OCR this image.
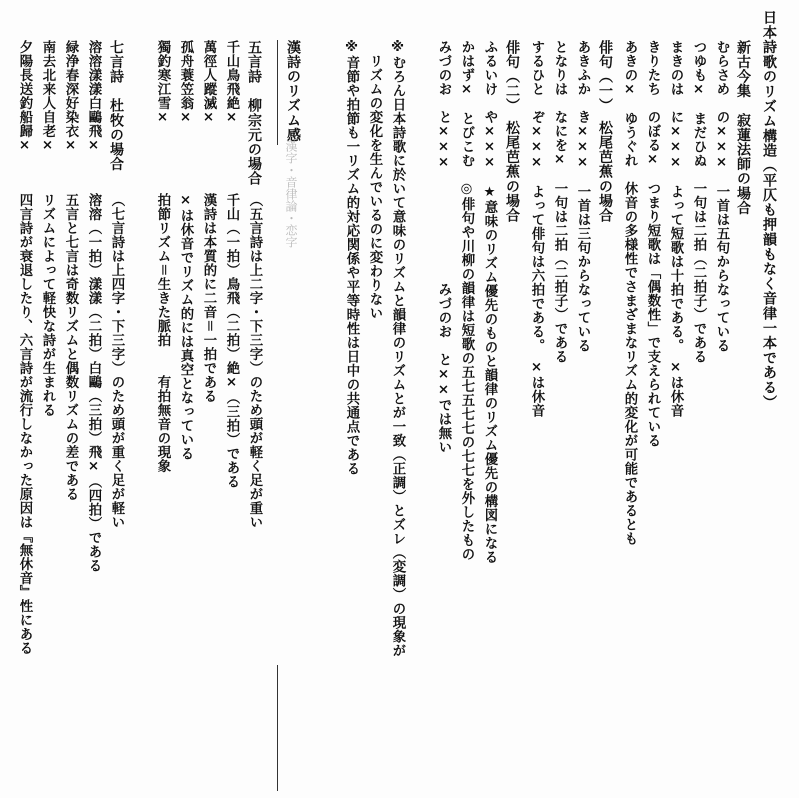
日本詩歌のリズム構造（平仄も押韻もなく音律一本である）
新古今集　寂蓮法師の場合
むらさめ　の×××　一首は五句からなっている
つゆも×　まだひぬ　一句は二拍（二拍子）である
まきのは　に×××　よって短歌は十拍である。　×は休音
きりたち　のぼる×　つまり短歌は「偶数性」で支えられている
あきの×　ゆうぐれ　休音の多様性でさまざまなリズム的変化が可能であるとも
俳句（一）　松尾芭蕉の場合
あきふか　き×××　一首は三句からなっている
となりは　なにを×　一句は二拍（二拍子）である
するひと　ぞ×××　よって俳句は六拍である。　×は休音
俳句（二）　松尾芭蕉の場合
ふるいけ　や×××　★意味のリズム優先のものと韻律のリズム優先の構図になる
かはず×　とびこむ　◎俳句や川柳の韻律は短歌の五七五七七の七七を外したもの
みづのお　と×××　　　　　　　　みづのお　と××では無い
※むろん日本詩歌に於いて意味のリズムと韻律のリズムとが一致（正調）とズレ（変調）の現象が
　リズムの変化を生んでいるのに変わりない
※音節や拍節も一リズム的対応関係や平等時性は日中の共通点である
漢詩のリズム感
漢字・音律論・恋字
五言詩　柳宗元の場合
（五言詩は上二字・下三字）のため頭が軽く足が重い
千山鳥飛絶×
千山（一拍）鳥飛（二拍）絶×（三拍）である
萬徑人蹤滅×
漢詩は本質的に二音＝一拍である
孤舟蓑笠翁×
×は休音でリズム的には真空となっている
獨釣寒江雪×
拍節リズム＝生きた脈拍　　有拍無音の現象
七言詩　杜牧の場合
（七言詩は上四字・下三字）のため頭が重く足が軽い
溶溶漾漾白鷗飛×
溶溶（一拍）漾漾（二拍）白鷗（三拍）飛×（四拍）である
緑浄春深好染衣×
五言と七言は奇数リズムと偶数リズムの差である
南去北来人自老×
リズムによって軽快な詩が生まれる
夕陽長送釣船歸×
四言詩が衰退したり、六言詩が流行しなかった原因は『無休音』性にある
